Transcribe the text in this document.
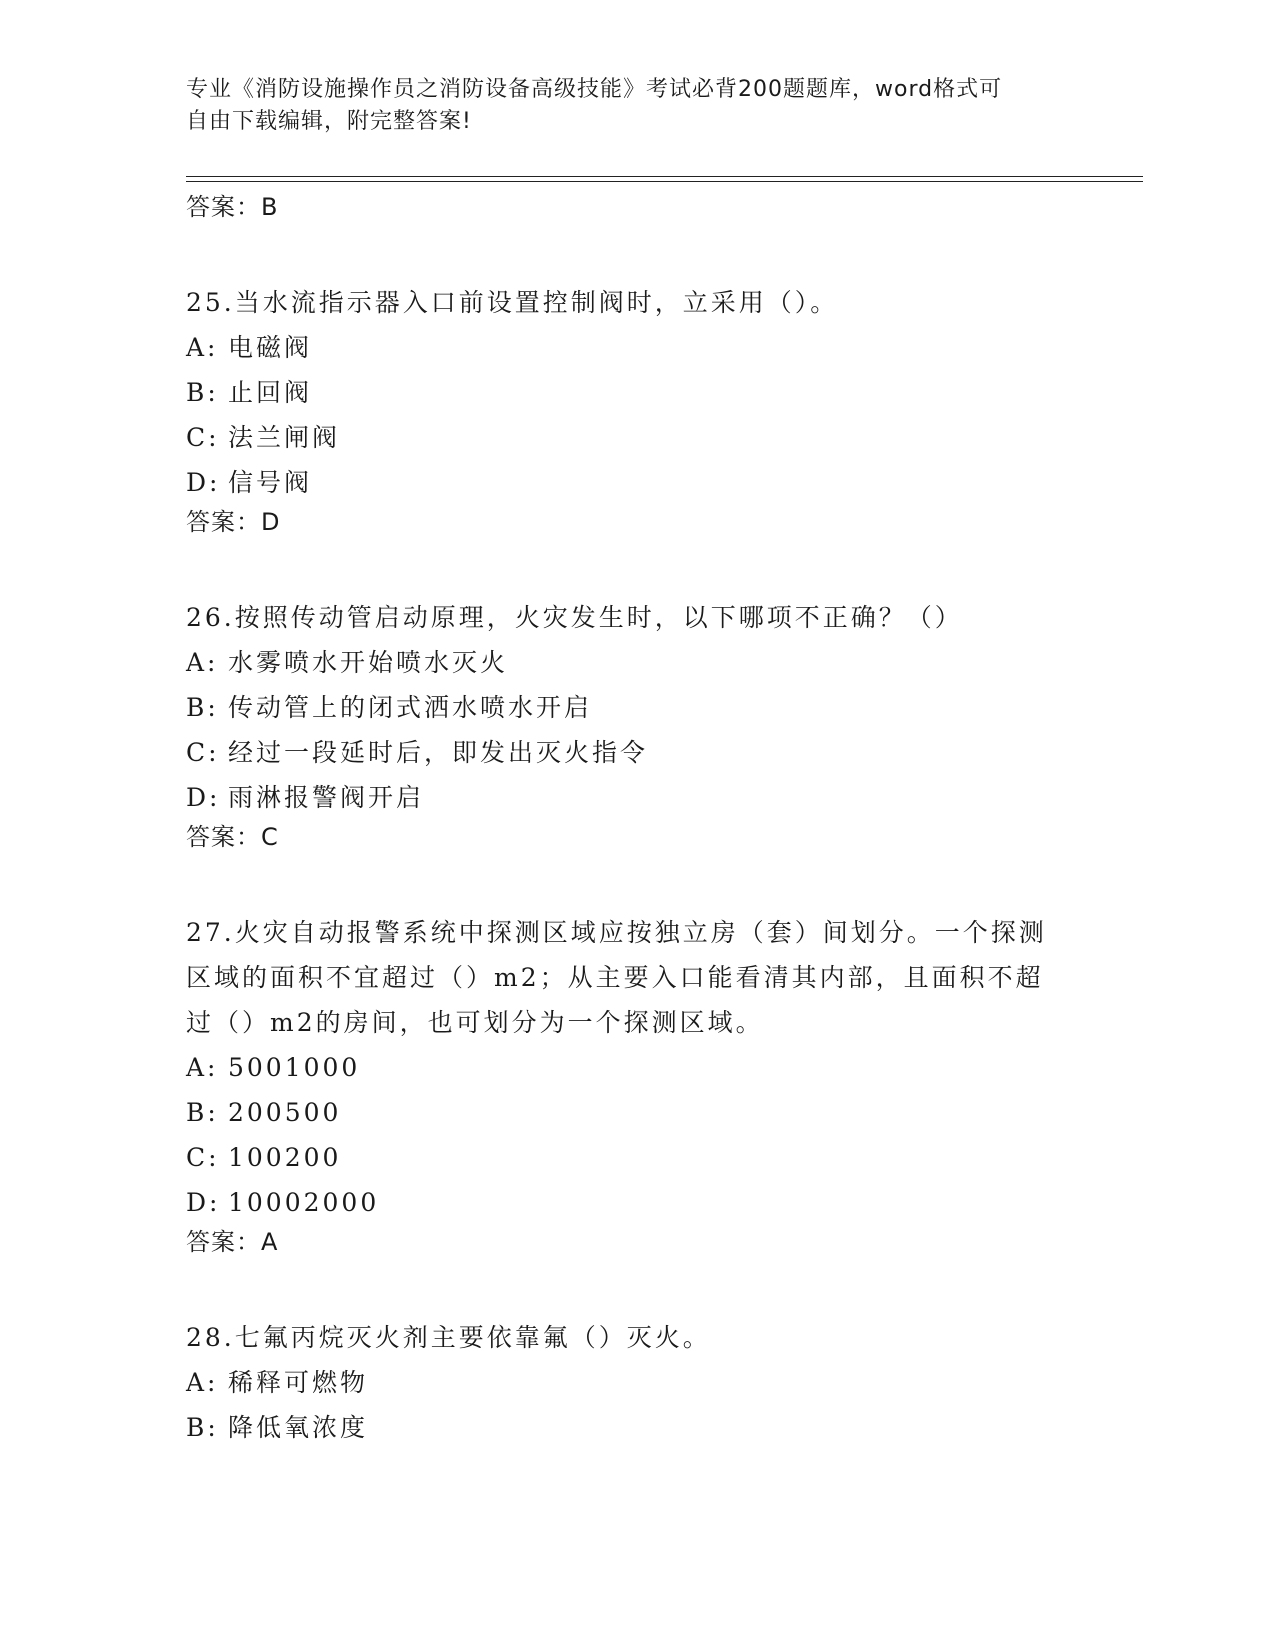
专业《消防设施操作员之消防设备高级技能》考试必背200题题库，word格式可
自由下载编辑，附完整答案!
答案：B
25.当水流指示器入口前设置控制阀时，立采用（）。
A: 电磁阀
B: 止回阀
C: 法兰闸阀
D: 信号阀
答案：D
26.按照传动管启动原理，火灾发生时，以下哪项不正确？（）
A: 水雾喷水开始喷水灭火
B: 传动管上的闭式洒水喷水开启
C: 经过一段延时后，即发出灭火指令
D: 雨淋报警阀开启
答案：C
27.火灾自动报警系统中探测区域应按独立房（套）间划分。一个探测
区域的面积不宜超过（）m2；从主要入口能看清其内部，且面积不超
过（）m2的房间，也可划分为一个探测区域。
A: 5001000
B: 200500
C: 100200
D: 10002000
答案：A
28.七氟丙烷灭火剂主要依靠氟（）灭火。
A: 稀释可燃物
B: 降低氧浓度
